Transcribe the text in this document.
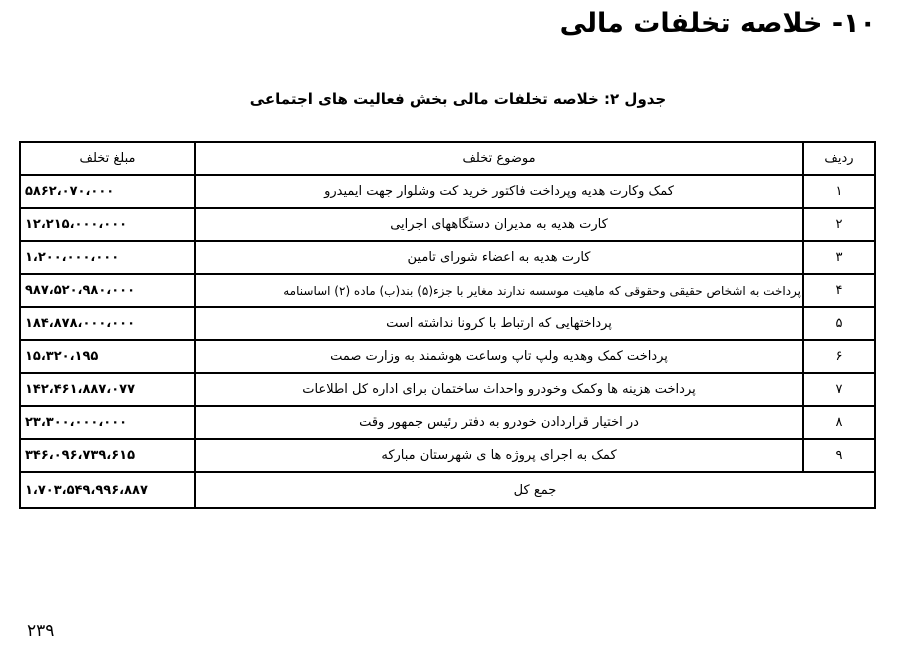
۱۰- خلاصه تخلفات مالی
جدول ۲: خلاصه تخلفات مالی بخش فعالیت های اجتماعی
ردیف	موضوع تخلف	مبلغ تخلف
۱	کمک وکارت هدیه وپرداخت فاکتور خرید کت وشلوار جهت ایمیدرو	۵۸۶۲،۰۷۰،۰۰۰
۲	کارت هدیه به مدیران دستگاههای اجرایی	۱۲،۲۱۵،۰۰۰،۰۰۰
۳	کارت هدیه به اعضاء شورای تامین	۱،۲۰۰،۰۰۰،۰۰۰
۴	پرداخت به اشخاص حقیقی وحقوقی که ماهیت موسسه ندارند مغایر با جزء(۵) بند(ب) ماده (۲) اساسنامه	۹۸۷،۵۲۰،۹۸۰،۰۰۰
۵	پرداختهایی که ارتباط با کرونا نداشته است	۱۸۴،۸۷۸،۰۰۰،۰۰۰
۶	پرداخت کمک وهدیه ولپ تاپ وساعت هوشمند به وزارت صمت	۱۵،۳۲۰،۱۹۵
۷	پرداخت هزینه ها وکمک وخودرو واحداث ساختمان برای اداره کل اطلاعات	۱۴۲،۴۶۱،۸۸۷،۰۷۷
۸	در اختیار قراردادن خودرو به دفتر رئیس جمهور وقت	۲۳،۳۰۰،۰۰۰،۰۰۰
۹	کمک به اجرای پروژه ها ی شهرستان مبارکه	۳۴۶،۰۹۶،۷۳۹،۶۱۵
جمع کل		۱،۷۰۳،۵۴۹،۹۹۶،۸۸۷
۲۳۹
